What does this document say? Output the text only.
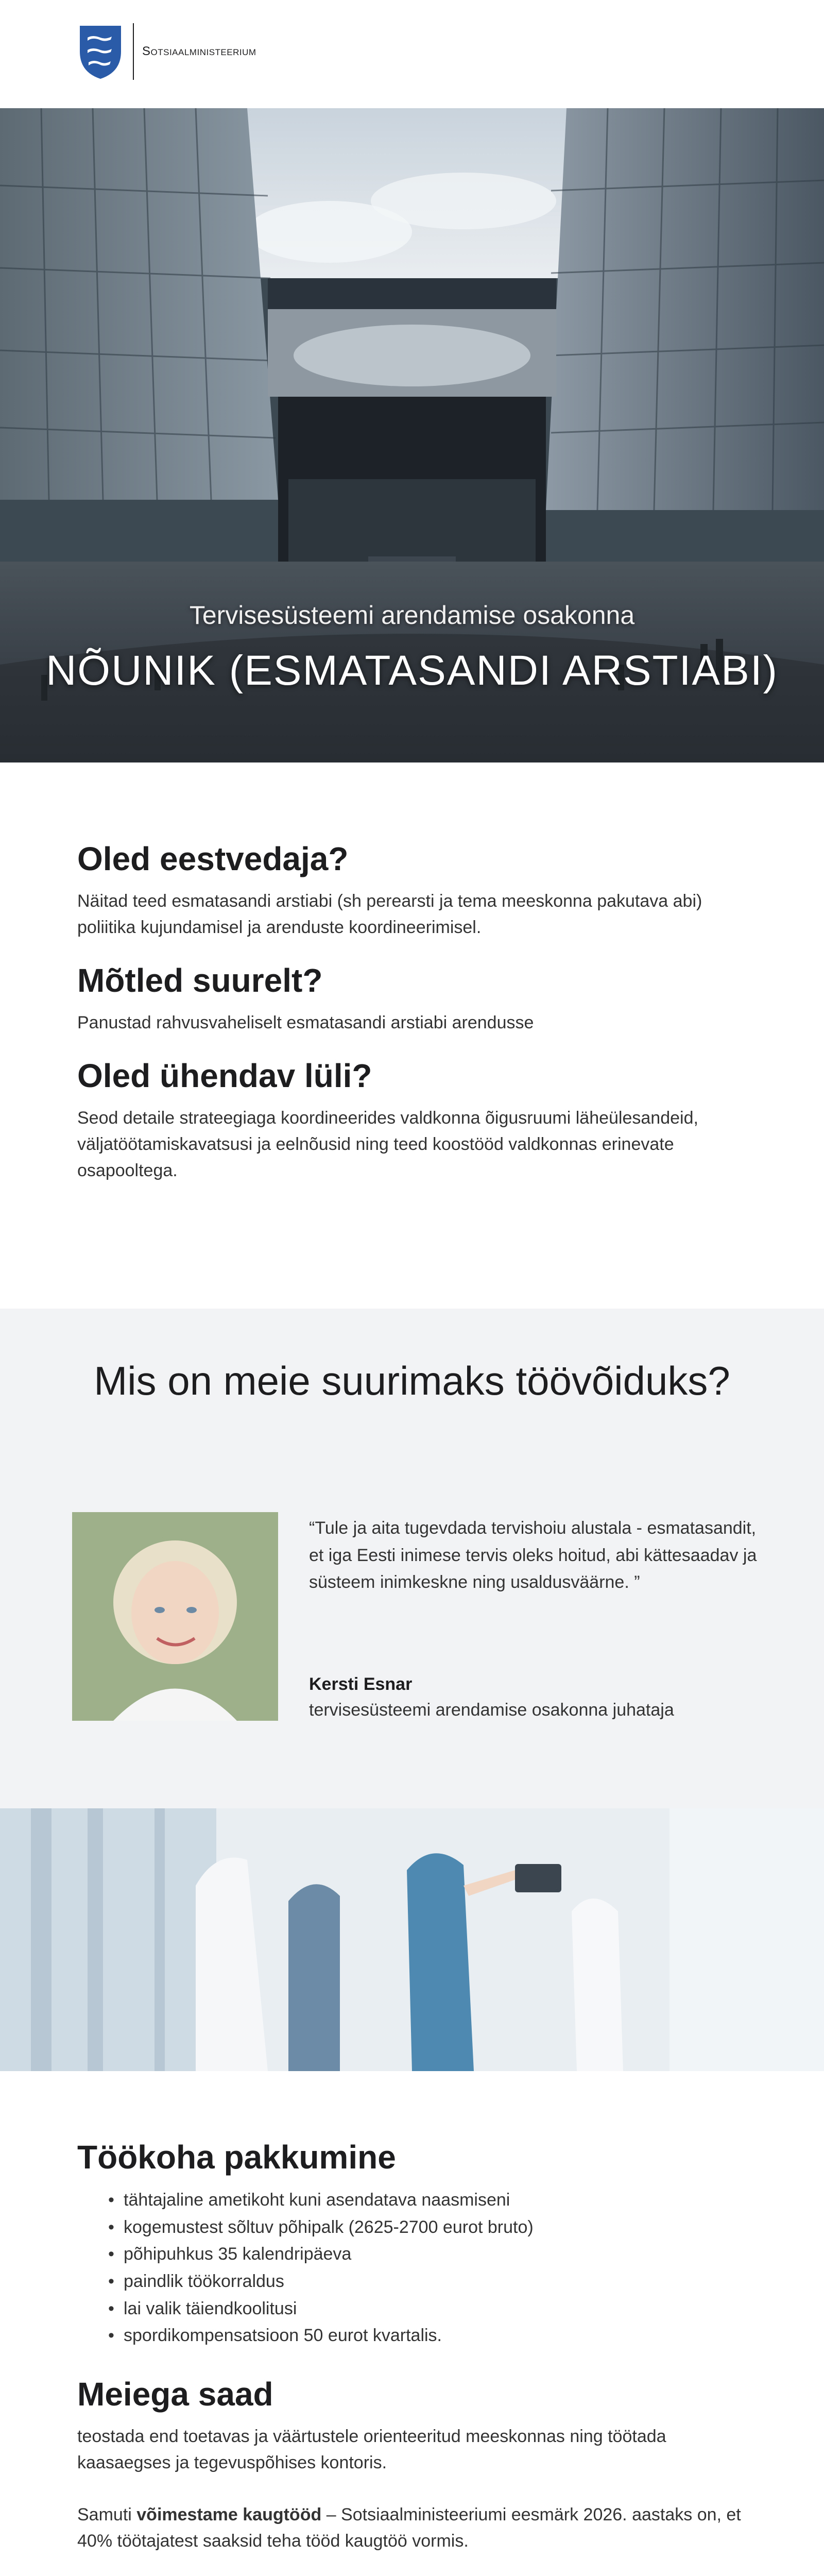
Sotsiaalministeerium
Tervisesüsteemi arendamise osakonna
NÕUNIK (ESMATASANDI ARSTIABI)
Oled eestvedaja?

Näitad teed esmatasandi arstiabi (sh perearsti ja tema meeskonna pakutava abi) poliitika kujundamisel ja arenduste koordineerimisel.

Mõtled suurelt?

Panustad rahvusvaheliselt esmatasandi arstiabi arendusse

Oled ühendav lüli?

Seod detaile strateegiaga koordineerides valdkonna õigusruumi läheülesandeid, väljatöötamiskavatsusi ja eelnõusid ning teed koostööd valdkonnas erinevate osapooltega.

Mis on meie suurimaks töövõiduks?

“Tule ja aita tugevdada tervishoiu alustala - esmatasandit, et iga Eesti inimese tervis oleks hoitud, abi kättesaadav ja süsteem inimkeskne ning usaldusväärne. ”

Kersti Esnar
tervisesüsteemi arendamise osakonna juhataja
Töökoha pakkumine
• tähtajaline ametikoht kuni asendatava naasmiseni
• kogemustest sõltuv põhipalk (2625-2700 eurot bruto)
• põhipuhkus 35 kalendripäeva
• paindlik töökorraldus
• lai valik täiendkoolitusi
• spordikompensatsioon 50 eurot kvartalis.
Meiega saad

teostada end toetavas ja väärtustele orienteeritud meeskonnas ning töötada kaasaegses ja tegevuspõhises kontoris.

Samuti võimestame kaugtööd – Sotsiaalministeeriumi eesmärk 2026. aastaks on, et 40% töötajatest saaksid teha tööd kaugtöö vormis.
